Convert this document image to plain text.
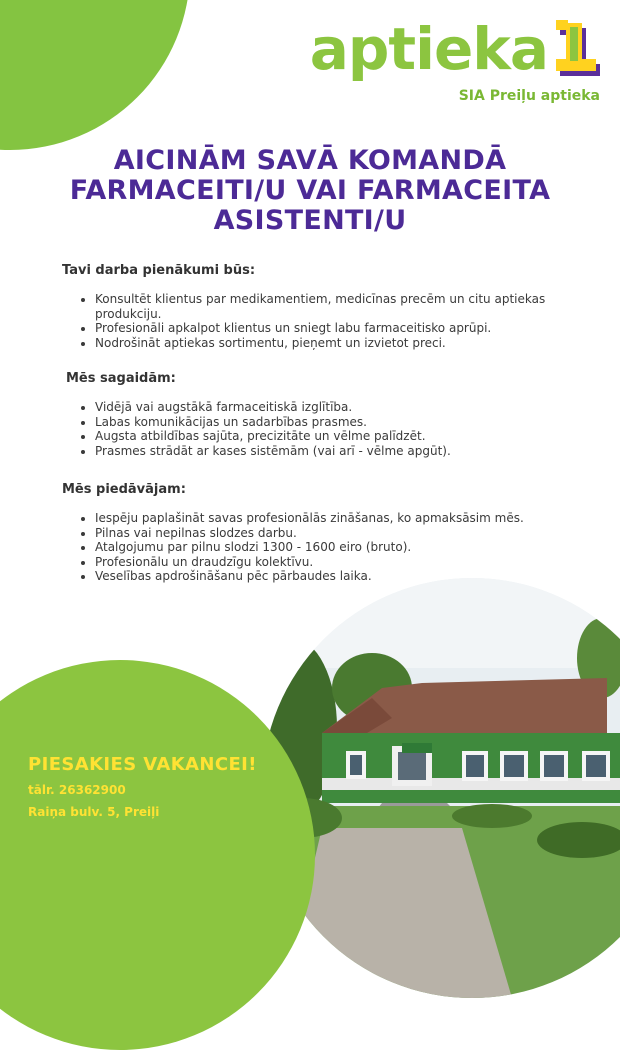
aptieka
SIA Preiļu aptieka
AICINĀM SAVĀ KOMANDĀ
FARMACEITI/U VAI FARMACEITA
ASISTENTI/U
Tavi darba pienākumi būs:
• Konsultēt klientus par medikamentiem, medicīnas precēm un citu aptiekas produkciju.
• Profesionāli apkalpot klientus un sniegt labu farmaceitisko aprūpi.
• Nodrošināt aptiekas sortimentu, pieņemt un izvietot preci.
Mēs sagaidām:
• Vidējā vai augstākā farmaceitiskā izglītība.
• Labas komunikācijas un sadarbības prasmes.
• Augsta atbildības sajūta, precizitāte un vēlme palīdzēt.
• Prasmes strādāt ar kases sistēmām (vai arī - vēlme apgūt).
Mēs piedāvājam:
• Iespēju paplašināt savas profesionālās zināšanas, ko apmaksāsim mēs.
• Pilnas vai nepilnas slodzes darbu.
• Atalgojumu par pilnu slodzi 1300 - 1600 eiro (bruto).
• Profesionālu un draudzīgu kolektīvu.
• Veselības apdrošināšanu pēc pārbaudes laika.
PIESAKIES VAKANCEI!
tālr. 26362900
Raiņa bulv. 5, Preiļi
